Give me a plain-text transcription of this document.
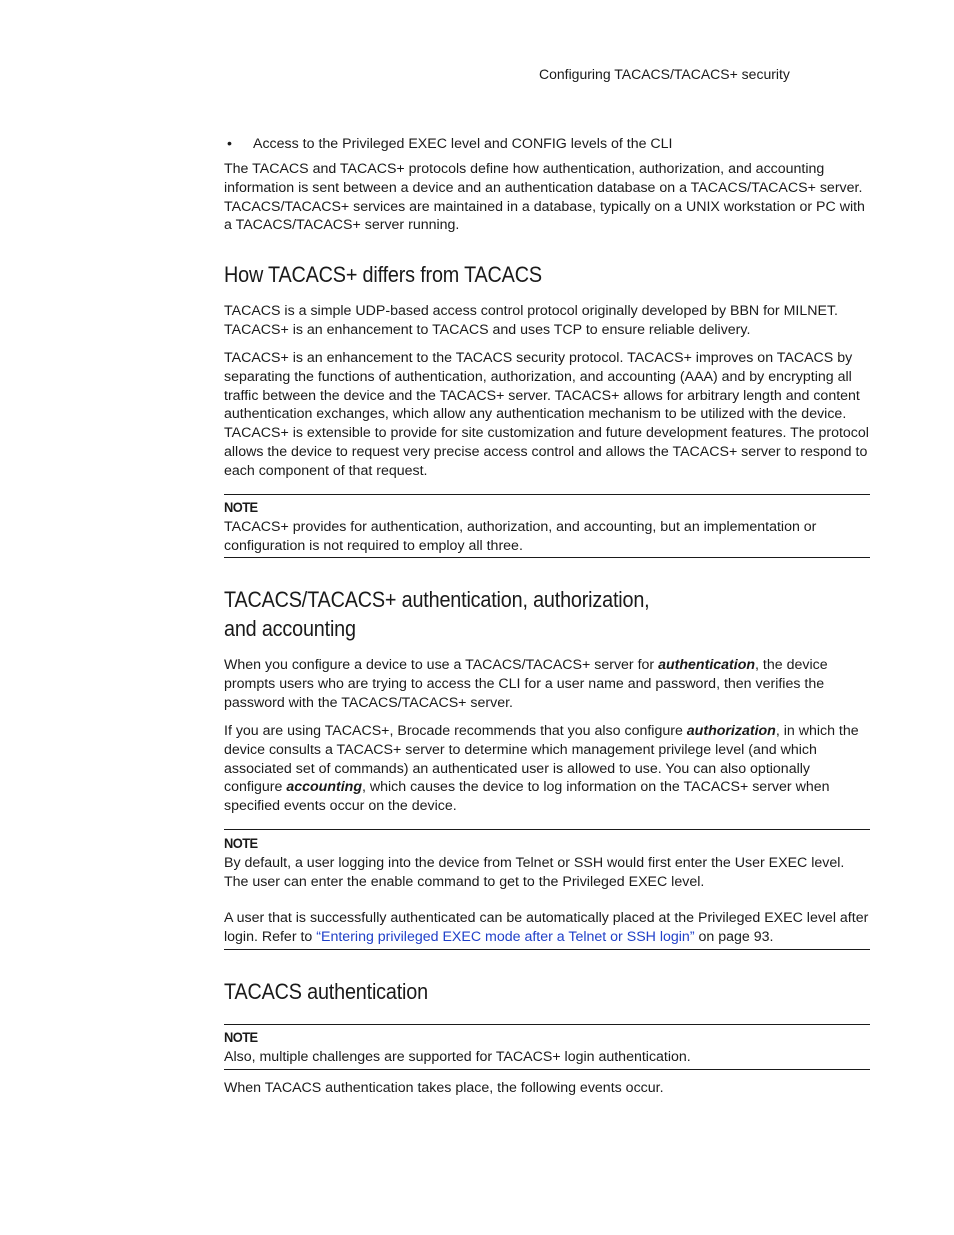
Configuring TACACS/TACACS+ security
• Access to the Privileged EXEC level and CONFIG levels of the CLI

The TACACS and TACACS+ protocols define how authentication, authorization, and accounting information is sent between a device and an authentication database on a TACACS/TACACS+ server. TACACS/TACACS+ services are maintained in a database, typically on a UNIX workstation or PC with a TACACS/TACACS+ server running.

How TACACS+ differs from TACACS

TACACS is a simple UDP-based access control protocol originally developed by BBN for MILNET. TACACS+ is an enhancement to TACACS and uses TCP to ensure reliable delivery.

TACACS+ is an enhancement to the TACACS security protocol. TACACS+ improves on TACACS by separating the functions of authentication, authorization, and accounting (AAA) and by encrypting all traffic between the device and the TACACS+ server. TACACS+ allows for arbitrary length and content authentication exchanges, which allow any authentication mechanism to be utilized with the device. TACACS+ is extensible to provide for site customization and future development features. The protocol allows the device to request very precise access control and allows the TACACS+ server to respond to each component of that request.

NOTE

TACACS+ provides for authentication, authorization, and accounting, but an implementation or configuration is not required to employ all three.

TACACS/TACACS+ authentication, authorization,
and accounting

When you configure a device to use a TACACS/TACACS+ server for authentication, the device prompts users who are trying to access the CLI for a user name and password, then verifies the password with the TACACS/TACACS+ server.

If you are using TACACS+, Brocade recommends that you also configure authorization, in which the device consults a TACACS+ server to determine which management privilege level (and which associated set of commands) an authenticated user is allowed to use. You can also optionally configure accounting, which causes the device to log information on the TACACS+ server when specified events occur on the device.

NOTE

By default, a user logging into the device from Telnet or SSH would first enter the User EXEC level. The user can enter the enable command to get to the Privileged EXEC level.

A user that is successfully authenticated can be automatically placed at the Privileged EXEC level after login. Refer to “Entering privileged EXEC mode after a Telnet or SSH login” on page 93.

TACACS authentication
NOTE

Also, multiple challenges are supported for TACACS+ login authentication.

When TACACS authentication takes place, the following events occur.
